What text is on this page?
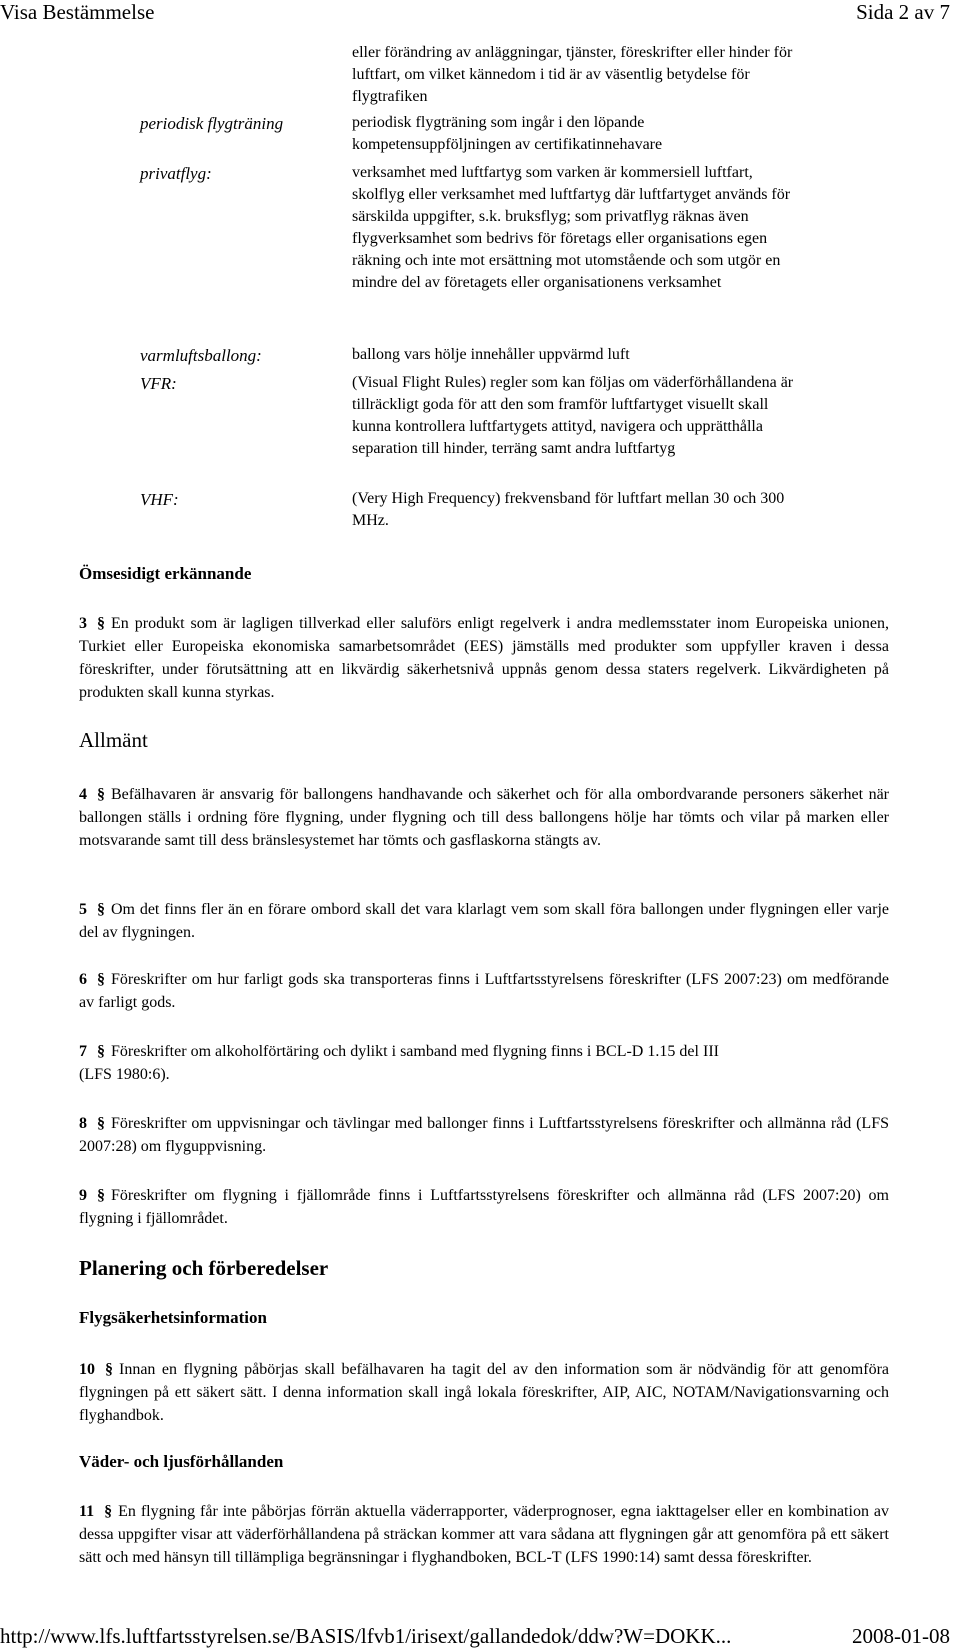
Visa Bestämmelse	Sida 2 av 7
eller förändring av anläggningar, tjänster, föreskrifter eller hinder för luftfart, om vilket kännedom i tid är av väsentlig betydelse för flygtrafiken
periodisk flygträning	periodisk flygträning som ingår i den löpande kompetensuppföljningen av certifikatinnehavare
privatflyg:	verksamhet med luftfartyg som varken är kommersiell luftfart, skolflyg eller verksamhet med luftfartyg där luftfartyget används för särskilda uppgifter, s.k. bruksflyg; som privatflyg räknas även flygverksamhet som bedrivs för företags eller organisations egen räkning och inte mot ersättning mot utomstående och som utgör en mindre del av företagets eller organisationens verksamhet
varmluftsballong:	ballong vars hölje innehåller uppvärmd luft
VFR:	(Visual Flight Rules) regler som kan följas om väderförhållandena är tillräckligt goda för att den som framför luftfartyget visuellt skall kunna kontrollera luftfartygets attityd, navigera och upprätthålla separation till hinder, terräng samt andra luftfartyg
VHF:	(Very High Frequency) frekvensband för luftfart mellan 30 och 300 MHz.
Ömsesidigt erkännande
3 § En produkt som är lagligen tillverkad eller saluförs enligt regelverk i andra medlemsstater inom Europeiska unionen, Turkiet eller Europeiska ekonomiska samarbetsområdet (EES) jämställs med produkter som uppfyller kraven i dessa föreskrifter, under förutsättning att en likvärdig säkerhetsnivå uppnås genom dessa staters regelverk. Likvärdigheten på produkten skall kunna styrkas.
Allmänt
4 § Befälhavaren är ansvarig för ballongens handhavande och säkerhet och för alla ombordvarande personers säkerhet när ballongen ställs i ordning före flygning, under flygning och till dess ballongens hölje har tömts och vilar på marken eller motsvarande samt till dess bränslesystemet har tömts och gasflaskorna stängts av.
5 § Om det finns fler än en förare ombord skall det vara klarlagt vem som skall föra ballongen under flygningen eller varje del av flygningen.
6 § Föreskrifter om hur farligt gods ska transporteras finns i Luftfartsstyrelsens föreskrifter (LFS 2007:23) om medförande av farligt gods.
7 § Föreskrifter om alkoholförtäring och dylikt i samband med flygning finns i BCL-D 1.15 del III (LFS 1980:6).
8 § Föreskrifter om uppvisningar och tävlingar med ballonger finns i Luftfartsstyrelsens föreskrifter och allmänna råd (LFS 2007:28) om flyguppvisning.
9 § Föreskrifter om flygning i fjällområde finns i Luftfartsstyrelsens föreskrifter och allmänna råd (LFS 2007:20) om flygning i fjällområdet.
Planering och förberedelser
Flygsäkerhetsinformation
10 § Innan en flygning påbörjas skall befälhavaren ha tagit del av den information som är nödvändig för att genomföra flygningen på ett säkert sätt. I denna information skall ingå lokala föreskrifter, AIP, AIC, NOTAM/Navigationsvarning och flyghandbok.
Väder- och ljusförhållanden
11 § En flygning får inte påbörjas förrän aktuella väderrapporter, väderprognoser, egna iakttagelser eller en kombination av dessa uppgifter visar att väderförhållandena på sträckan kommer att vara sådana att flygningen går att genomföra på ett säkert sätt och med hänsyn till tillämpliga begränsningar i flyghandboken, BCL-T (LFS 1990:14) samt dessa föreskrifter.
http://www.lfs.luftfartsstyrelsen.se/BASIS/lfvb1/irisext/gallandedok/ddw?W=DOKK...	2008-01-08
